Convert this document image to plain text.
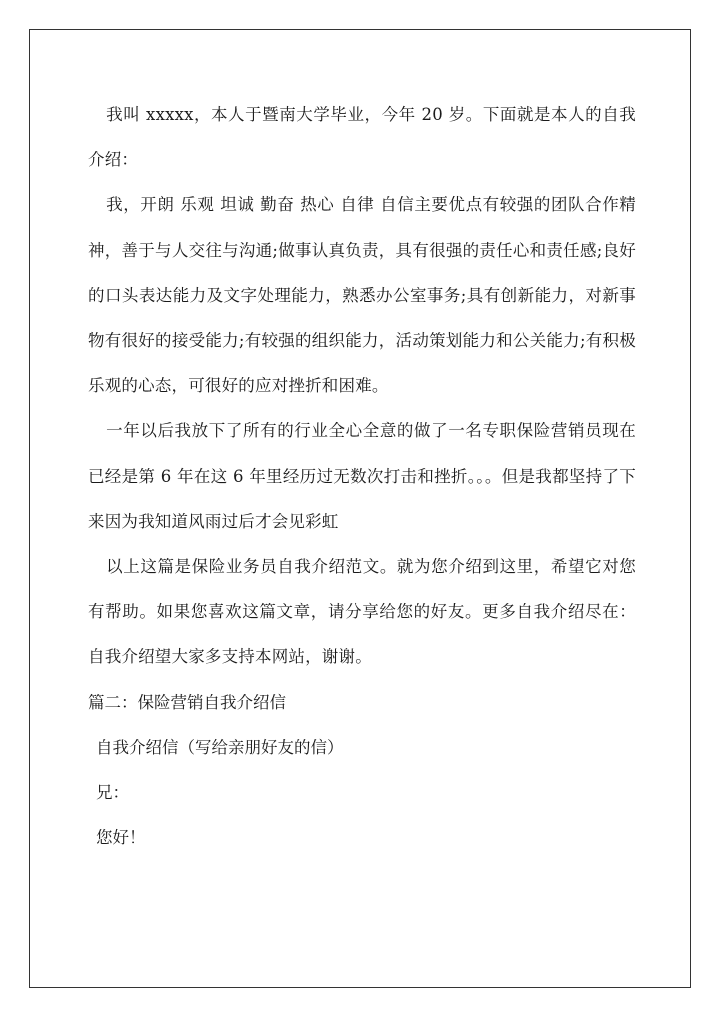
我叫 xxxxx，本人于暨南大学毕业，今年 20 岁。下面就是本人的自我介绍：

我，开朗 乐观 坦诚 勤奋 热心 自律 自信主要优点有较强的团队合作精神，善于与人交往与沟通;做事认真负责，具有很强的责任心和责任感;良好的口头表达能力及文字处理能力，熟悉办公室事务;具有创新能力，对新事物有很好的接受能力;有较强的组织能力，活动策划能力和公关能力;有积极乐观的心态，可很好的应对挫折和困难。

一年以后我放下了所有的行业全心全意的做了一名专职保险营销员现在已经是第 6 年在这 6 年里经历过无数次打击和挫折。。。但是我都坚持了下来因为我知道风雨过后才会见彩虹

以上这篇是保险业务员自我介绍范文。就为您介绍到这里，希望它对您有帮助。如果您喜欢这篇文章，请分享给您的好友。更多自我介绍尽在：自我介绍望大家多支持本网站，谢谢。

篇二：保险营销自我介绍信

自我介绍信（写给亲朋好友的信）

兄：

您好！
